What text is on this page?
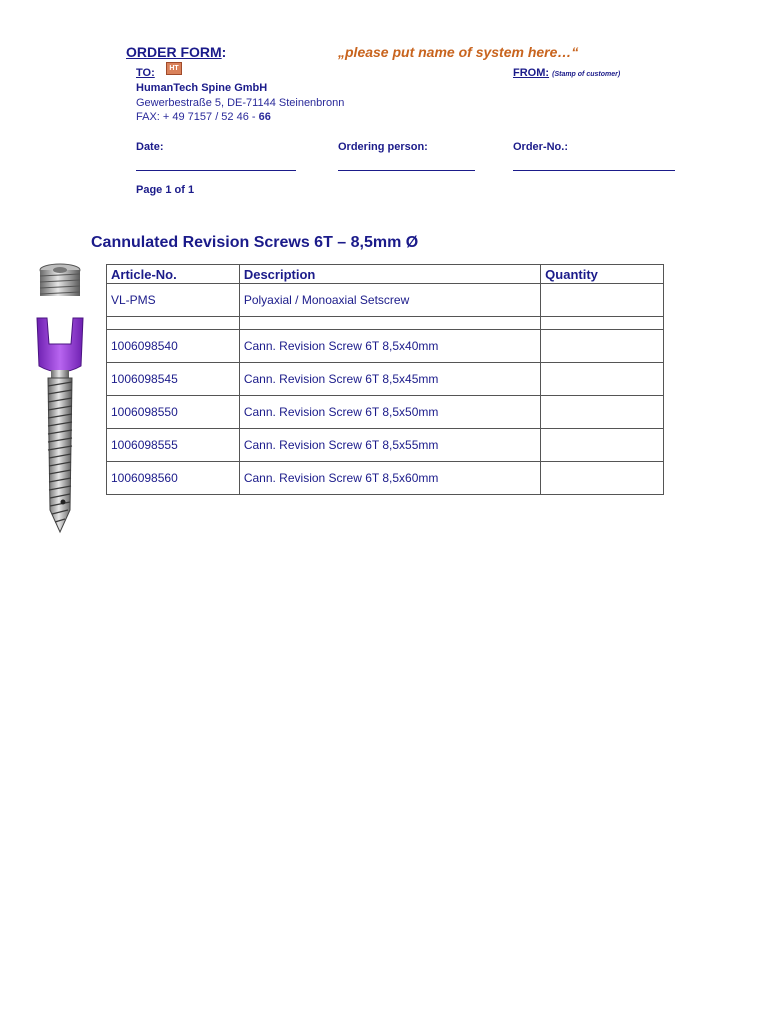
ORDER FORM:	„please put name of system here…“
TO:	HT	FROM: (Stamp of customer)
HumanTech Spine GmbH
Gewerbestraße 5, DE-71144 Steinenbronn
FAX: + 49 7157 / 52 46 - 66
Date:	Ordering person:	Order-No.:
Page 1 of 1
Cannulated Revision Screws 6T – 8,5mm Ø
Article-No.	Description	Quantity
VL-PMS	Polyaxial / Monoaxial Setscrew	

1006098540	Cann. Revision Screw 6T 8,5x40mm	
1006098545	Cann. Revision Screw 6T 8,5x45mm	
1006098550	Cann. Revision Screw 6T 8,5x50mm	
1006098555	Cann. Revision Screw 6T 8,5x55mm	
1006098560	Cann. Revision Screw 6T 8,5x60mm	
